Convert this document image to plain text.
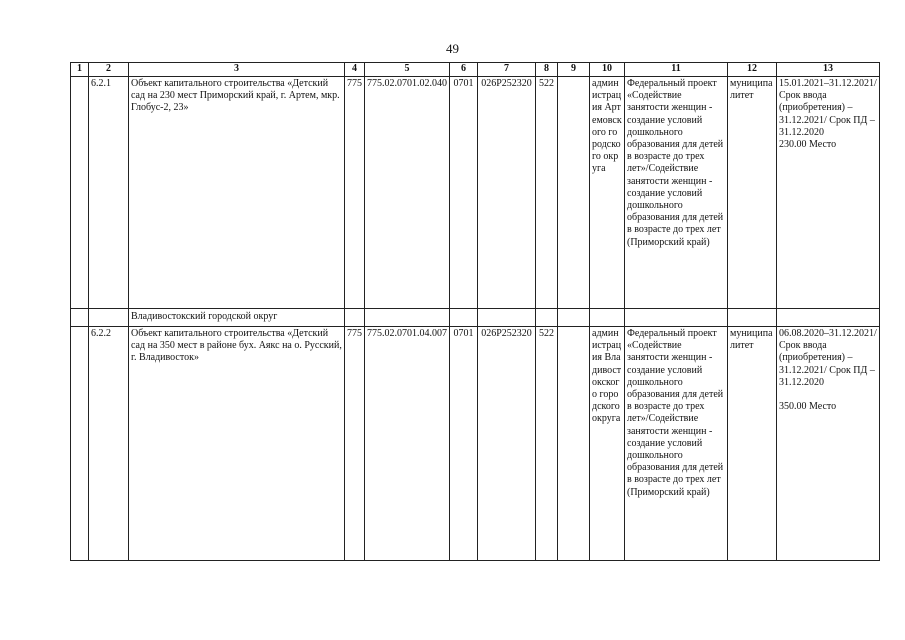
49
1	2	3	4	5	6	7	8	9	10	11	12	13
	6.2.1	Объект капитального строительства «Детский сад на 230 мест Приморский край, г. Артем, мкр. Глобус-2, 23»	775	775.02.0701.02.040	0701	026P252320	522		администрация Артемовского городского округа	Федеральный проект «Содействие занятости женщин - создание условий дошкольного образования для детей в возрасте до трех лет»/Содействие занятости женщин - создание условий дошкольного образования для детей в возрасте до трех лет (Приморский край)	муниципа литет	15.01.2021–31.12.2021/ Срок ввода (приобретения) – 31.12.2021/ Срок ПД – 31.12.2020
230.00 Место

		Владивостокский городской округ										
	6.2.2	Объект капитального строительства «Детский сад на 350 мест в районе бух. Аякс на о. Русский, г. Владивосток»	775	775.02.0701.04.007	0701	026P252320	522		администрация Владивостокского городского округа	Федеральный проект «Содействие занятости женщин - создание условий дошкольного образования для детей в возрасте до трех лет»/Содействие занятости женщин - создание условий дошкольного образования для детей в возрасте до трех лет (Приморский край)	муниципа литет	06.08.2020–31.12.2021/ Срок ввода (приобретения) – 31.12.2021/ Срок ПД – 31.12.2020
350.00 Место
